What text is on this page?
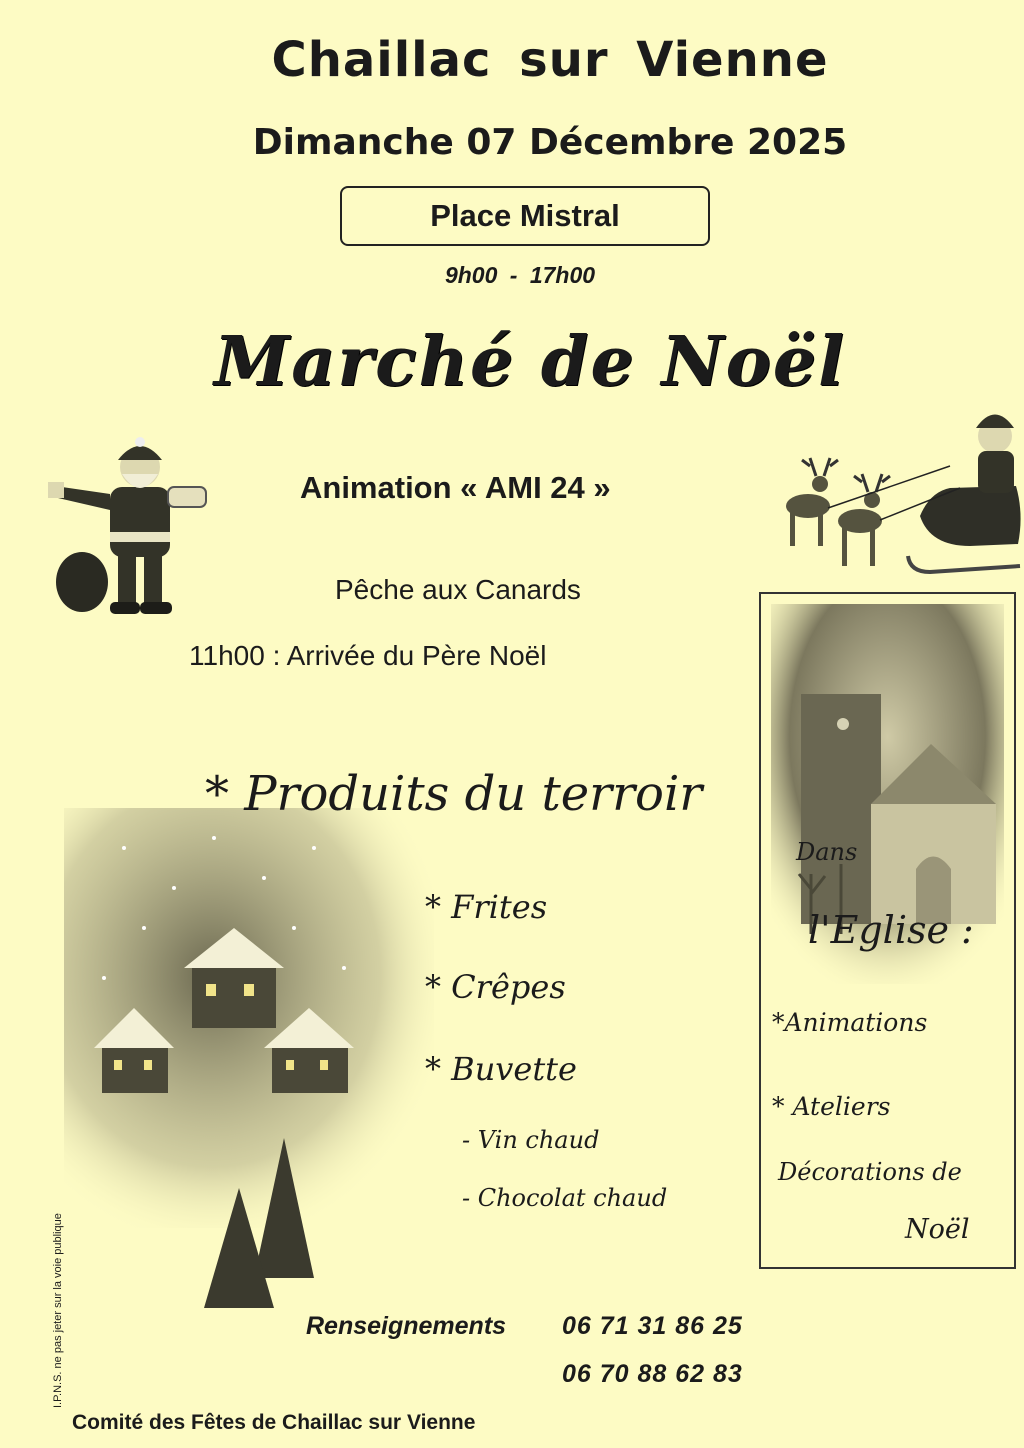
Chaillac sur Vienne
Dimanche 07 Décembre 2025
Place Mistral
9h00 - 17h00
Marché de Noël
Animation « AMI 24 »
Pêche aux Canards
11h00 : Arrivée du Père Noël
* Produits du terroir
* Frites
* Crêpes
* Buvette
- Vin chaud
- Chocolat chaud
Dans
l'Eglise :
*Animations
* Ateliers
Décorations de
Noël
Renseignements 06 71 31 86 25
06 70 88 62 83
Comité des Fêtes de Chaillac sur Vienne
I.P.N.S. ne pas jeter sur la voie publique
